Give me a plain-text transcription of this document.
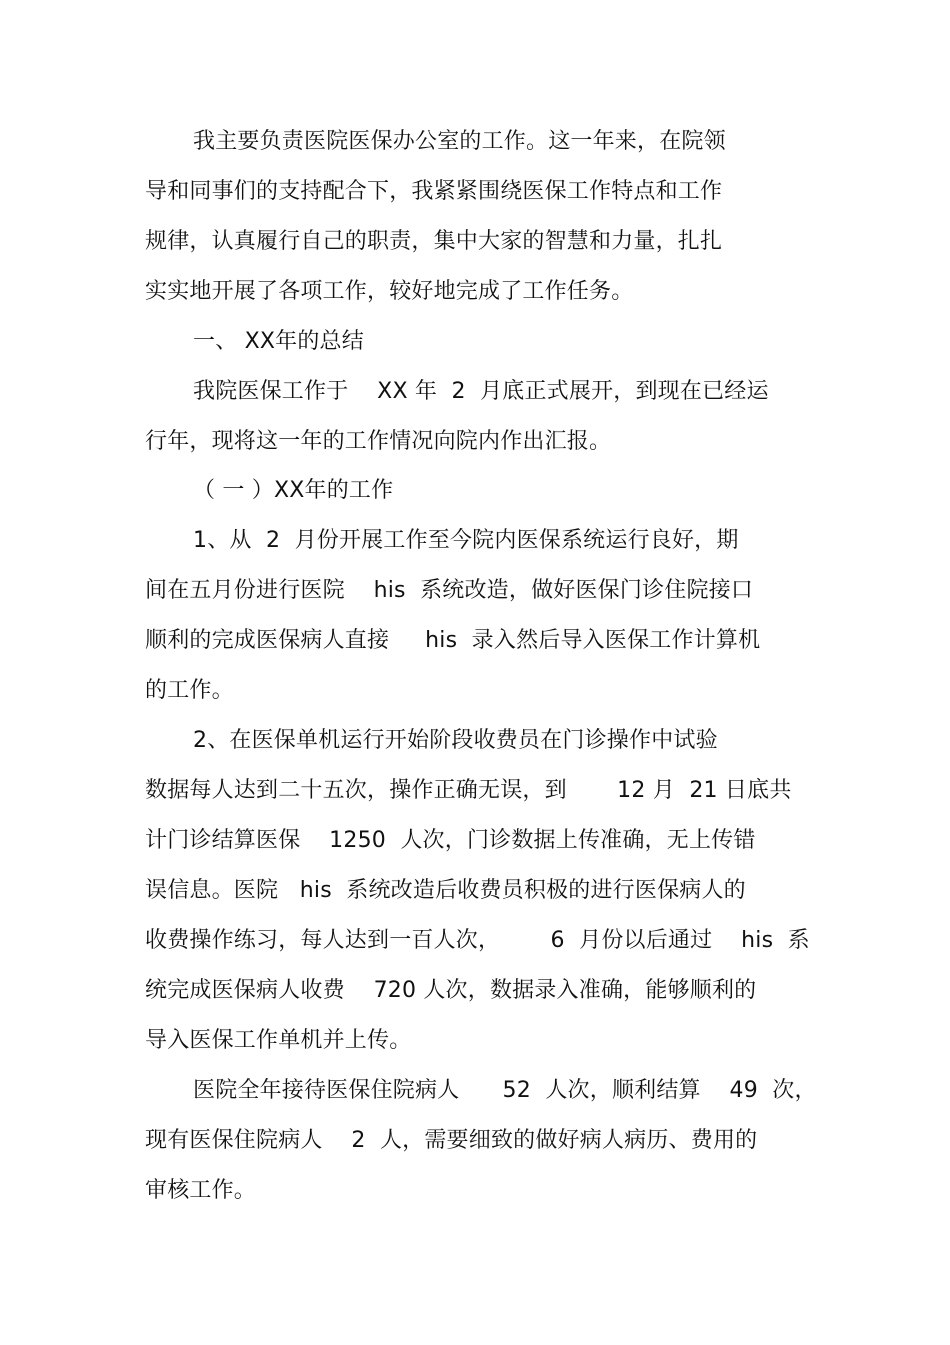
我主要负责医院医保办公室的工作。这一年来，在院领
导和同事们的支持配合下，我紧紧围绕医保工作特点和工作
规律，认真履行自己的职责，集中大家的智慧和力量，扎扎
实实地开展了各项工作，较好地完成了工作任务。
一、 XX年的总结
我院医保工作于    XX 年  2  月底正式展开，到现在已经运
行年，现将这一年的工作情况向院内作出汇报。
（ 一 ）XX年的工作
1、从  2  月份开展工作至今院内医保系统运行良好，期
间在五月份进行医院    his  系统改造，做好医保门诊住院接口
顺利的完成医保病人直接     his  录入然后导入医保工作计算机
的工作。
2、在医保单机运行开始阶段收费员在门诊操作中试验
数据每人达到二十五次，操作正确无误，到       12 月  21 日底共
计门诊结算医保    1250  人次，门诊数据上传准确，无上传错
误信息。医院   his  系统改造后收费员积极的进行医保病人的
收费操作练习，每人达到一百人次，       6  月份以后通过    his  系
统完成医保病人收费    720 人次，数据录入准确，能够顺利的
导入医保工作单机并上传。
医院全年接待医保住院病人      52  人次，顺利结算    49  次，
现有医保住院病人    2  人，需要细致的做好病人病历、费用的
审核工作。
